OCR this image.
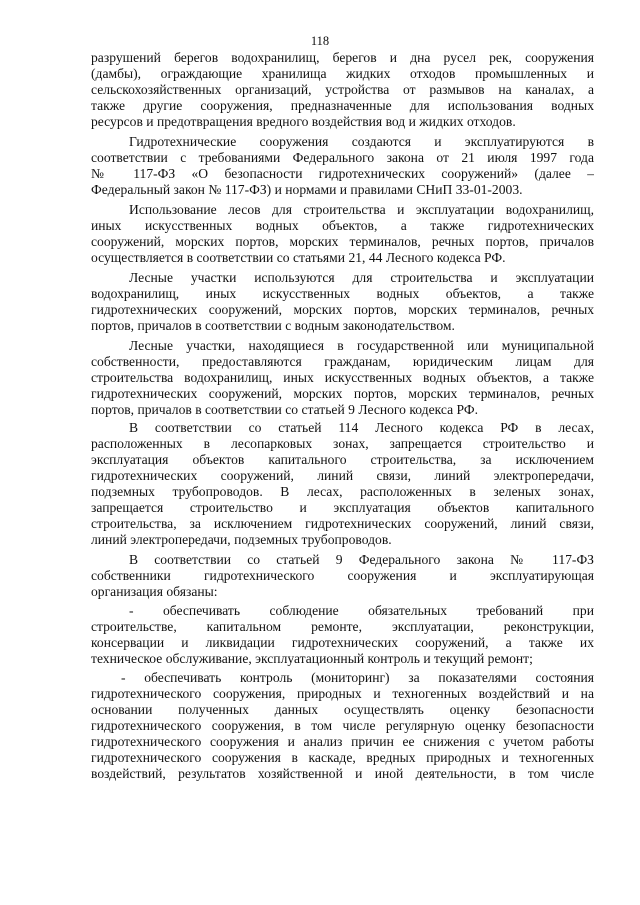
118
разрушений берегов водохранилищ, берегов и дна русел рек, сооружения
(дамбы), ограждающие хранилища жидких отходов промышленных и
сельскохозяйственных организаций, устройства от размывов на каналах, а
также другие сооружения, предназначенные для использования водных
ресурсов и предотвращения вредного воздействия вод и жидких отходов.
Гидротехнические сооружения создаются и эксплуатируются в
соответствии с требованиями Федерального закона от 21 июля 1997 года
№ 117-ФЗ «О безопасности гидротехнических сооружений» (далее –
Федеральный закон № 117-ФЗ) и нормами и правилами СНиП 33-01-2003.
Использование лесов для строительства и эксплуатации водохранилищ,
иных искусственных водных объектов, а также гидротехнических
сооружений, морских портов, морских терминалов, речных портов, причалов
осуществляется в соответствии со статьями 21, 44 Лесного кодекса РФ.
Лесные участки используются для строительства и эксплуатации
водохранилищ, иных искусственных водных объектов, а также
гидротехнических сооружений, морских портов, морских терминалов, речных
портов, причалов в соответствии с водным законодательством.
Лесные участки, находящиеся в государственной или муниципальной
собственности, предоставляются гражданам, юридическим лицам для
строительства водохранилищ, иных искусственных водных объектов, а также
гидротехнических сооружений, морских портов, морских терминалов, речных
портов, причалов в соответствии со статьей 9 Лесного кодекса РФ.
В соответствии со статьей 114 Лесного кодекса РФ в лесах,
расположенных в лесопарковых зонах, запрещается строительство и
эксплуатация объектов капитального строительства, за исключением
гидротехнических сооружений, линий связи, линий электропередачи,
подземных трубопроводов. В лесах, расположенных в зеленых зонах,
запрещается строительство и эксплуатация объектов капитального
строительства, за исключением гидротехнических сооружений, линий связи,
линий электропередачи, подземных трубопроводов.
В соответствии со статьей 9 Федерального закона № 117-ФЗ
собственники гидротехнического сооружения и эксплуатирующая
организация обязаны:
- обеспечивать соблюдение обязательных требований при
строительстве, капитальном ремонте, эксплуатации, реконструкции,
консервации и ликвидации гидротехнических сооружений, а также их
техническое обслуживание, эксплуатационный контроль и текущий ремонт;
- обеспечивать контроль (мониторинг) за показателями состояния
гидротехнического сооружения, природных и техногенных воздействий и на
основании полученных данных осуществлять оценку безопасности
гидротехнического сооружения, в том числе регулярную оценку безопасности
гидротехнического сооружения и анализ причин ее снижения с учетом работы
гидротехнического сооружения в каскаде, вредных природных и техногенных
воздействий, результатов хозяйственной и иной деятельности, в том числе
